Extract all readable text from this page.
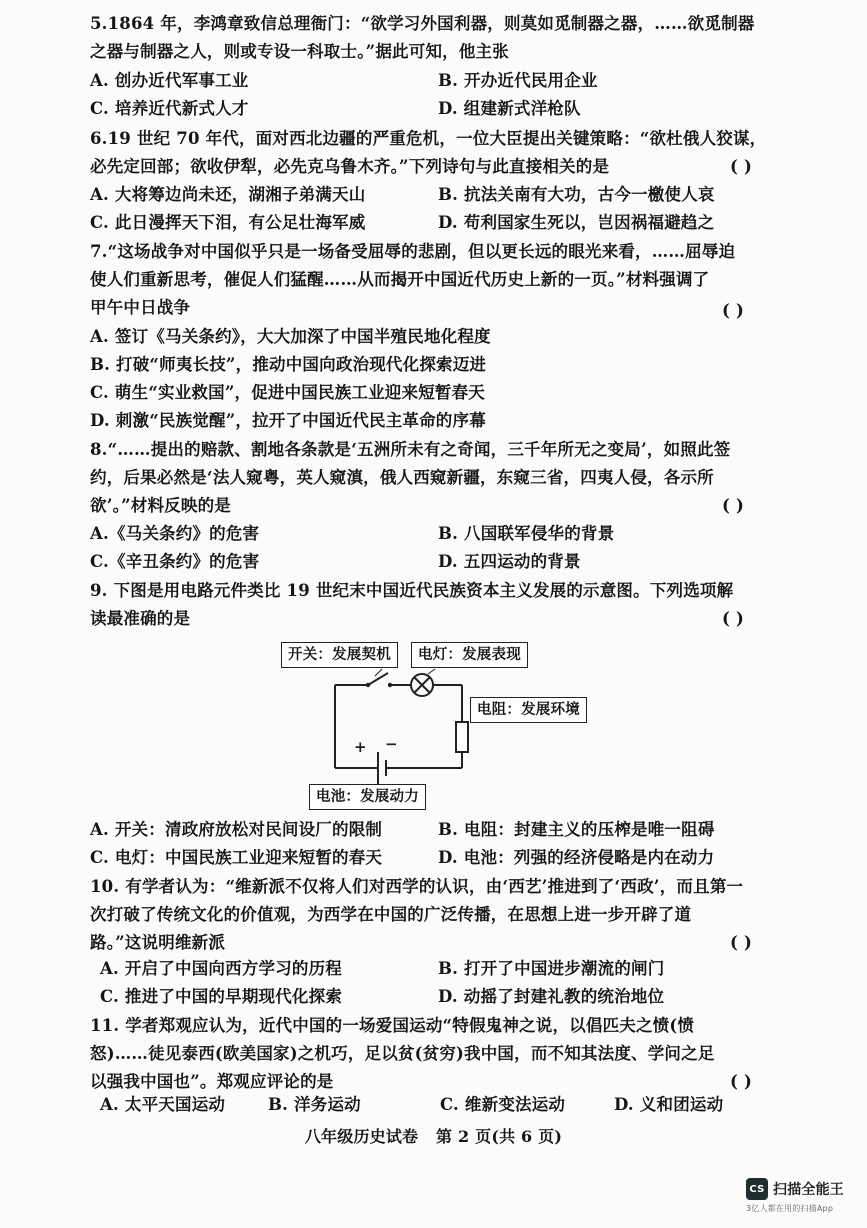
5.1864 年，李鸿章致信总理衙门：“欲学习外国利器，则莫如觅制器之器，……欲觅制器
之器与制器之人，则或专设一科取士。”据此可知，他主张
A. 创办近代军事工业	B. 开办近代民用企业
C. 培养近代新式人才	D. 组建新式洋枪队
6.19 世纪 70 年代，面对西北边疆的严重危机，一位大臣提出关键策略：“欲杜俄人狡谋，
必先定回部；欲收伊犁，必先克乌鲁木齐。”下列诗句与此直接相关的是	( )
A. 大将筹边尚未还，湖湘子弟满天山	B. 抗法关南有大功，古今一檄使人哀
C. 此日漫挥天下泪，有公足壮海军威	D. 苟利国家生死以，岂因祸福避趋之
7.“这场战争对中国似乎只是一场备受屈辱的悲剧，但以更长远的眼光来看，……屈辱迫
使人们重新思考，催促人们猛醒……从而揭开中国近代历史上新的一页。”材料强调了
甲午中日战争	( )
A. 签订《马关条约》，大大加深了中国半殖民地化程度
B. 打破“师夷长技”，推动中国向政治现代化探索迈进
C. 萌生“实业救国”，促进中国民族工业迎来短暂春天
D. 刺激“民族觉醒”，拉开了中国近代民主革命的序幕
8.“……提出的赔款、割地各条款是‘五洲所未有之奇闻，三千年所无之变局’，如照此签
约，后果必然是‘法人窥粤，英人窥滇，俄人西窥新疆，东窥三省，四夷人侵，各示所
欲’。”材料反映的是	( )
A.《马关条约》的危害	B. 八国联军侵华的背景
C.《辛丑条约》的危害	D. 五四运动的背景
9. 下图是用电路元件类比 19 世纪末中国近代民族资本主义发展的示意图。下列选项解
读最准确的是	( )
+ −
开关：发展契机	电灯：发展表现
电阻：发展环境
电池：发展动力
A. 开关：清政府放松对民间设厂的限制	B. 电阻：封建主义的压榨是唯一阻碍
C. 电灯：中国民族工业迎来短暂的春天	D. 电池：列强的经济侵略是内在动力
10. 有学者认为：“维新派不仅将人们对西学的认识，由‘西艺’推进到了‘西政’，而且第一
次打破了传统文化的价值观，为西学在中国的广泛传播，在思想上进一步开辟了道
路。”这说明维新派	( )
A. 开启了中国向西方学习的历程	B. 打开了中国进步潮流的闸门
C. 推进了中国的早期现代化探索	D. 动摇了封建礼教的统治地位
11. 学者郑观应认为，近代中国的一场爱国运动“特假鬼神之说，以倡匹夫之愤(愤
怒)……徒见泰西(欧美国家)之机巧，足以贫(贫穷)我中国，而不知其法度、学问之足
以强我中国也”。郑观应评论的是	( )
A. 太平天国运动	B. 洋务运动	C. 维新变法运动	D. 义和团运动
八年级历史试卷 第 2 页(共 6 页)
CS 扫描全能王
3亿人都在用的扫描App
